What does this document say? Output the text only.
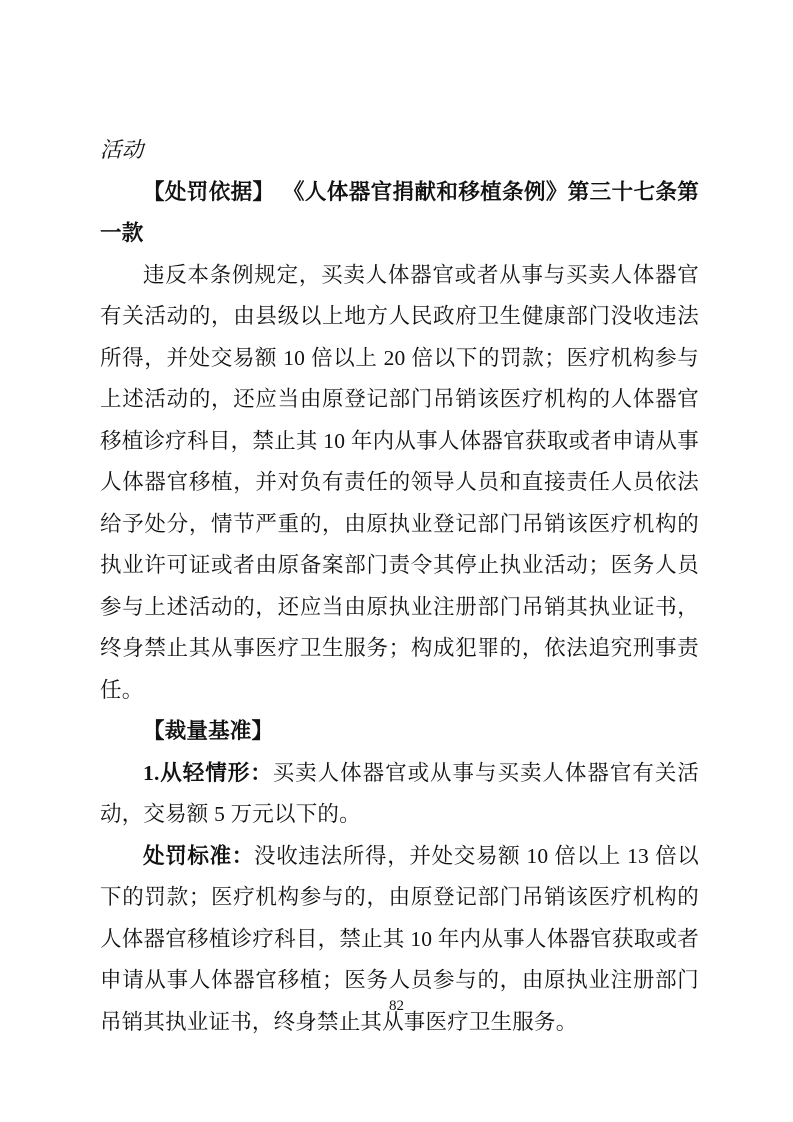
活动

【处罚依据】 《人体器官捐献和移植条例》第三十七条第一款

违反本条例规定，买卖人体器官或者从事与买卖人体器官有关活动的，由县级以上地方人民政府卫生健康部门没收违法所得，并处交易额 10 倍以上 20 倍以下的罚款；医疗机构参与上述活动的，还应当由原登记部门吊销该医疗机构的人体器官移植诊疗科目，禁止其 10 年内从事人体器官获取或者申请从事人体器官移植，并对负有责任的领导人员和直接责任人员依法给予处分，情节严重的，由原执业登记部门吊销该医疗机构的执业许可证或者由原备案部门责令其停止执业活动；医务人员参与上述活动的，还应当由原执业注册部门吊销其执业证书，终身禁止其从事医疗卫生服务；构成犯罪的，依法追究刑事责任。

【裁量基准】

1.从轻情形：买卖人体器官或从事与买卖人体器官有关活动，交易额 5 万元以下的。

处罚标准：没收违法所得，并处交易额 10 倍以上 13 倍以下的罚款；医疗机构参与的，由原登记部门吊销该医疗机构的人体器官移植诊疗科目，禁止其 10 年内从事人体器官获取或者申请从事人体器官移植；医务人员参与的，由原执业注册部门吊销其执业证书，终身禁止其从事医疗卫生服务。

82
